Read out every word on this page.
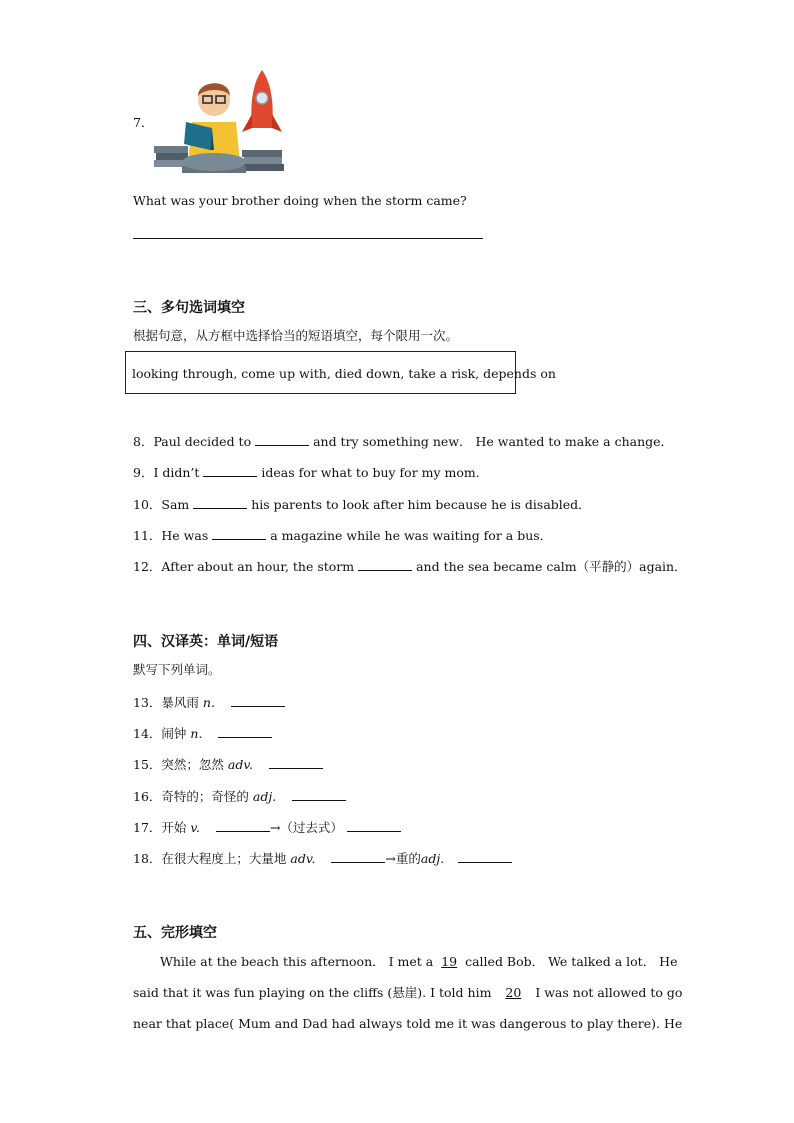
7．
What was your brother doing when the storm came?
三、多句选词填空
根据句意，从方框中选择恰当的短语填空，每个限用一次。
looking through, come up with, died down, take a risk, depends on
8．Paul decided to	and try something new． He wanted to make a change．
9．I didn’t	ideas for what to buy for my mom.
10．Sam	his parents to look after him because he is disabled．
11．He was	a magazine while he was waiting for a bus．
12．After about an hour, the storm	and the sea became calm（平静的）again．
四、汉译英：单词/短语
默写下列单词。
13．暴风雨 n.
14．闹钟 n.
15．突然；忽然 adv.
16．奇特的；奇怪的 adj.
17．开始 v.	→（过去式）
18．在很大程度上；大量地 adv.	→重的adj.
五、完形填空
While at the beach this afternoon． I met a 19 called Bob． We talked a lot． He
said that it was fun playing on the cliffs (悬崖). I told him 20 I was not allowed to go
near that place( Mum and Dad had always told me it was dangerous to play there). He
